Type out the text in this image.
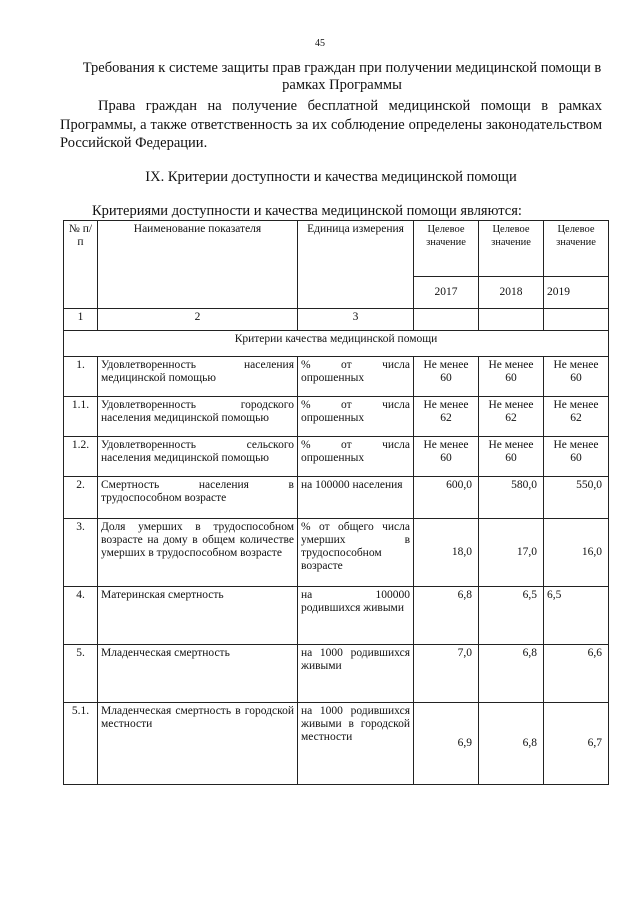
45
Требования к системе защиты прав граждан при получении медицинской помощи в рамках Программы
Права граждан на получение бесплатной медицинской помощи в рамках Программы, а также ответственность за их соблюдение определены законодательством Российской Федерации.
IX. Критерии доступности и качества медицинской помощи
Критериями доступности и качества медицинской помощи являются:
№ п/п	Наименование показателя	Единица измерения	Целевое значение	Целевое значение	Целевое значение
			2017	2018	2019
1	2	3			
Критерии качества медицинской помощи					
1.	Удовлетворенность населения медицинской помощью	% от числа опрошенных	Не менее 60	Не менее 60	Не менее 60
1.1.	Удовлетворенность городского населения медицинской помощью	% от числа опрошенных	Не менее 62	Не менее 62	Не менее 62
1.2.	Удовлетворенность сельского населения медицинской помощью	% от числа опрошенных	Не менее 60	Не менее 60	Не менее 60
2.	Смертность населения в трудоспособном возрасте	на 100000 населения	600,0	580,0	550,0
3.	Доля умерших в трудоспособном возрасте на дому в общем количестве умерших в трудоспособном возрасте	% от общего числа умерших в трудоспособном возрасте	18,0	17,0	16,0
4.	Материнская смертность	на 100000 родившихся живыми	6,8	6,5	6,5
5.	Младенческая смертность	на 1000 родившихся живыми	7,0	6,8	6,6
5.1.	Младенческая смертность в городской местности	на 1000 родившихся живыми в городской местности	6,9	6,8	6,7
